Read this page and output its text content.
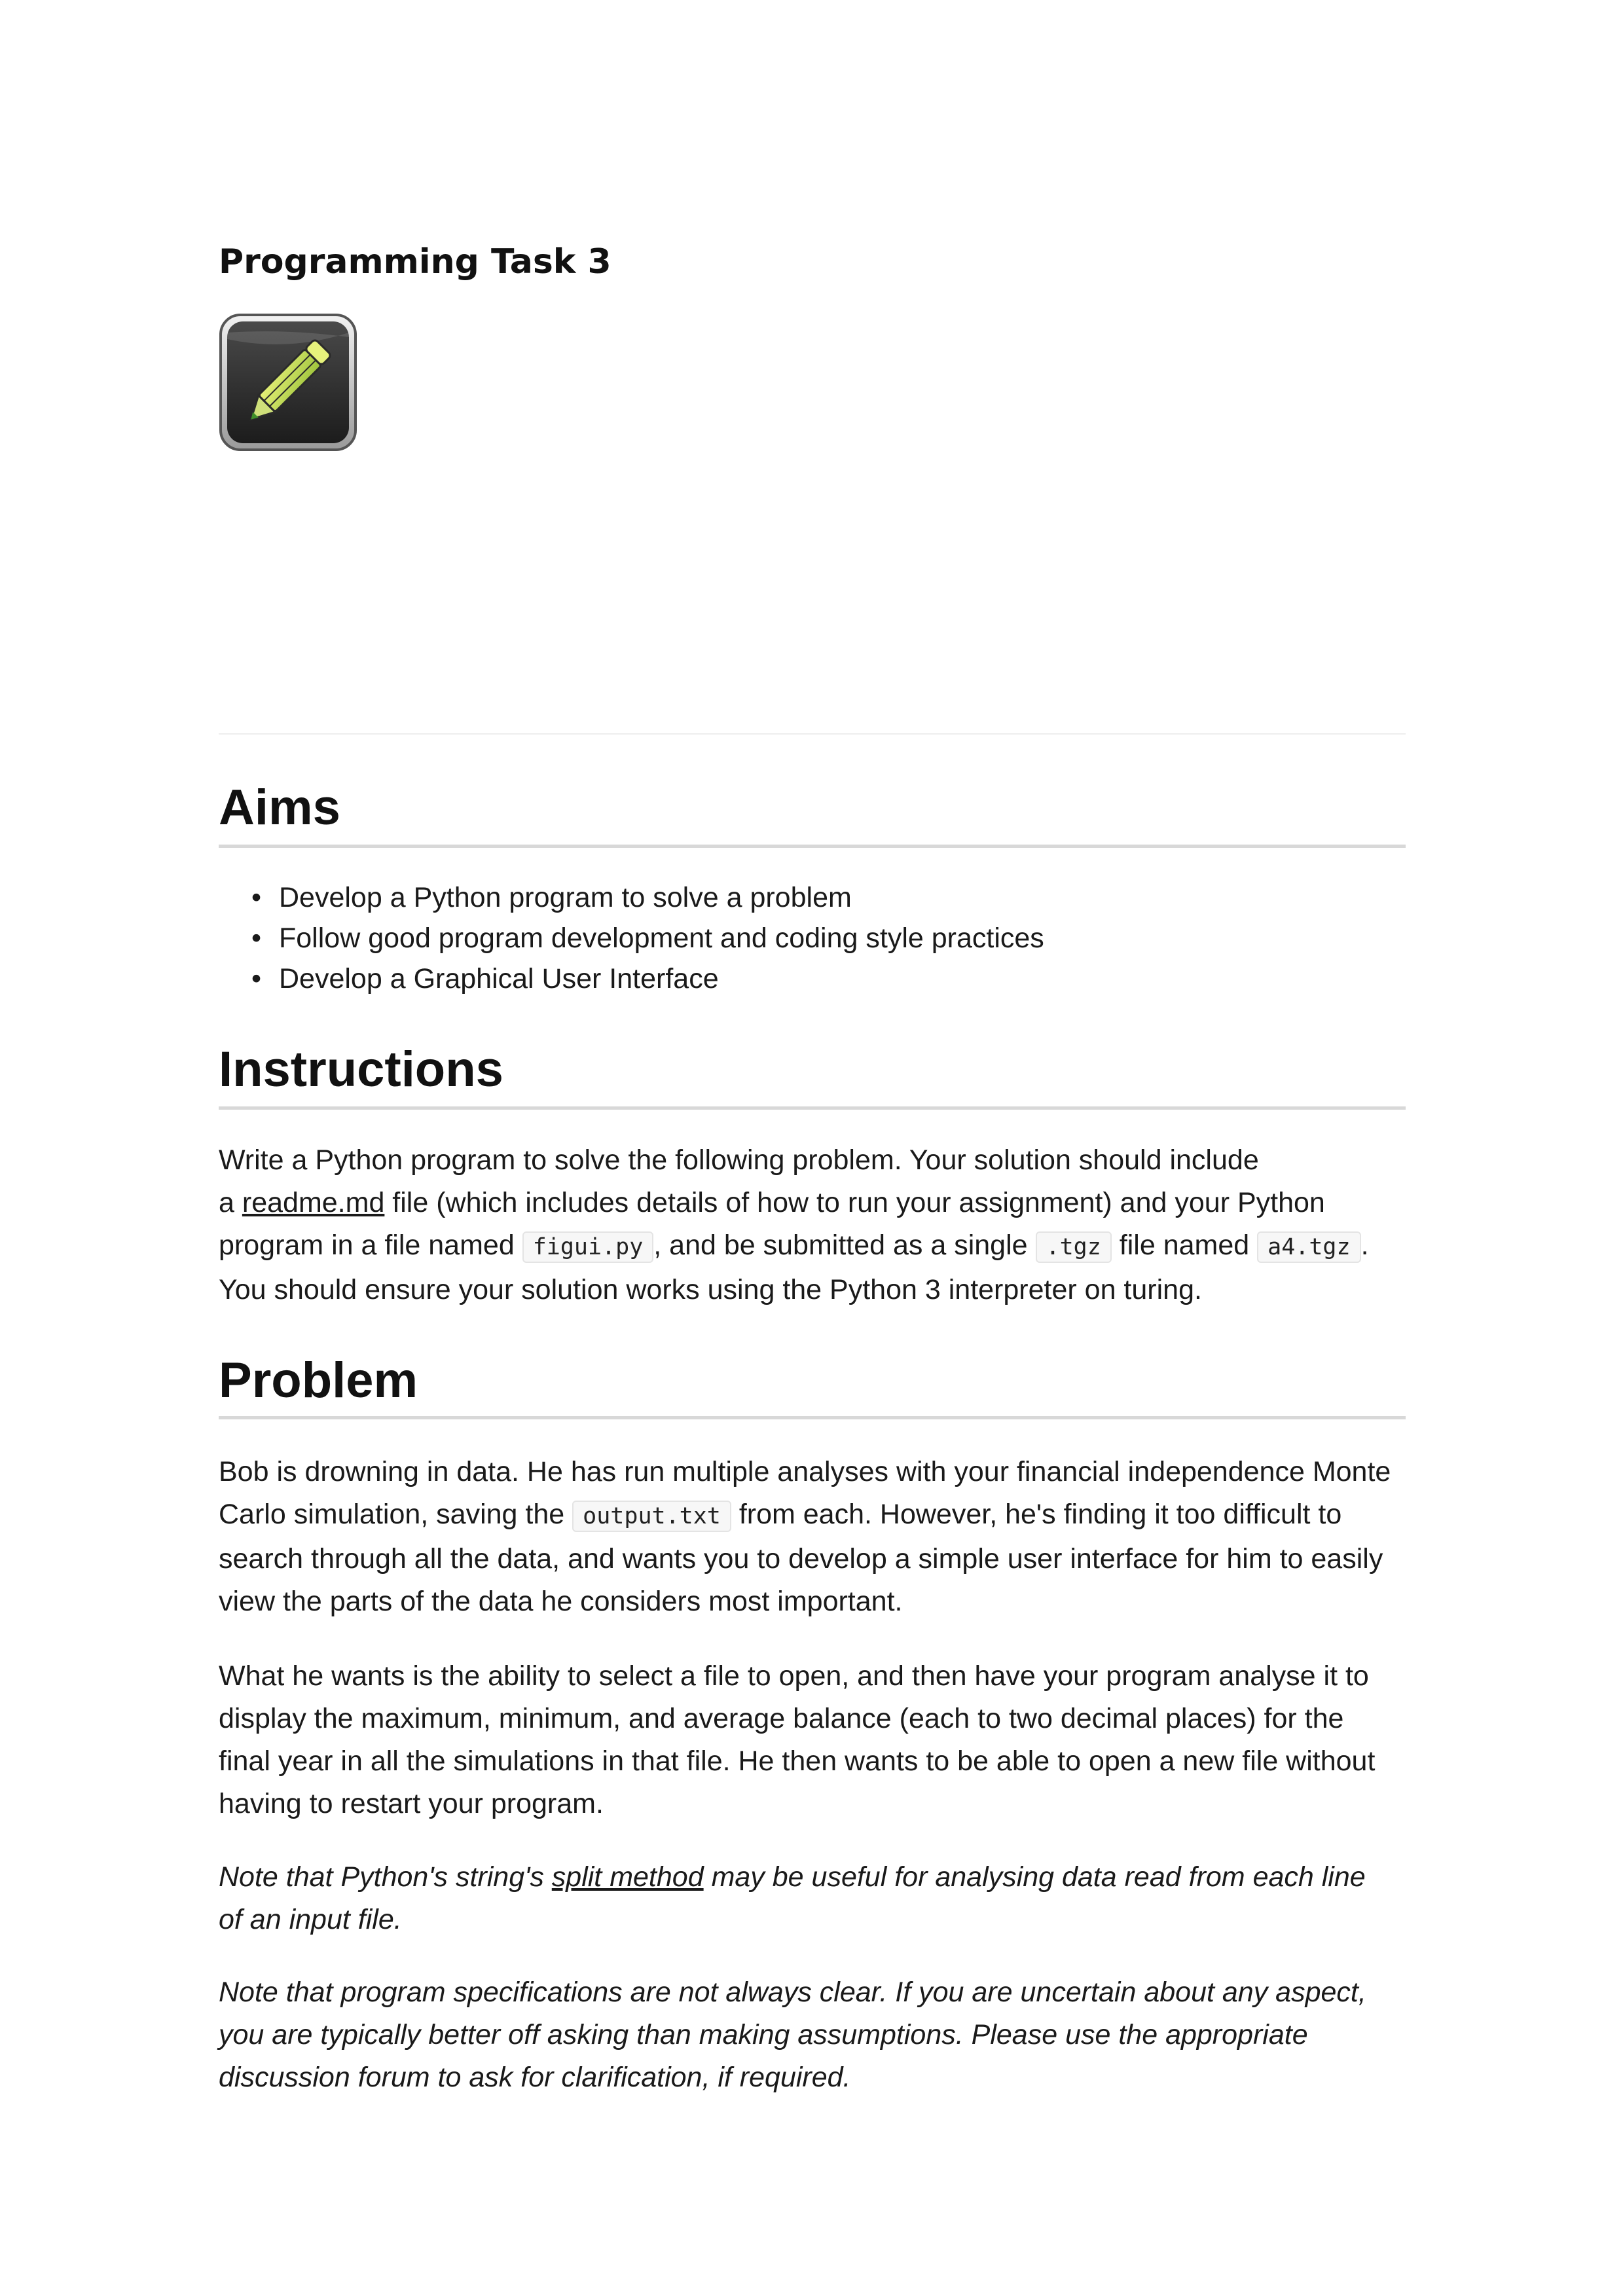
Programming Task 3
Aims
• Develop a Python program to solve a problem
• Follow good program development and coding style practices
• Develop a Graphical User Interface
Instructions
Write a Python program to solve the following problem. Your solution should include
a readme.md file (which includes details of how to run your assignment) and your Python
program in a file named figui.py , and be submitted as a single .tgz file named a4.tgz .
You should ensure your solution works using the Python 3 interpreter on turing.
Problem
Bob is drowning in data. He has run multiple analyses with your financial independence Monte
Carlo simulation, saving the output.txt from each. However, he's finding it too difficult to
search through all the data, and wants you to develop a simple user interface for him to easily
view the parts of the data he considers most important.
What he wants is the ability to select a file to open, and then have your program analyse it to
display the maximum, minimum, and average balance (each to two decimal places) for the
final year in all the simulations in that file. He then wants to be able to open a new file without
having to restart your program.
Note that Python's string's split method may be useful for analysing data read from each line
of an input file.
Note that program specifications are not always clear. If you are uncertain about any aspect,
you are typically better off asking than making assumptions. Please use the appropriate
discussion forum to ask for clarification, if required.
